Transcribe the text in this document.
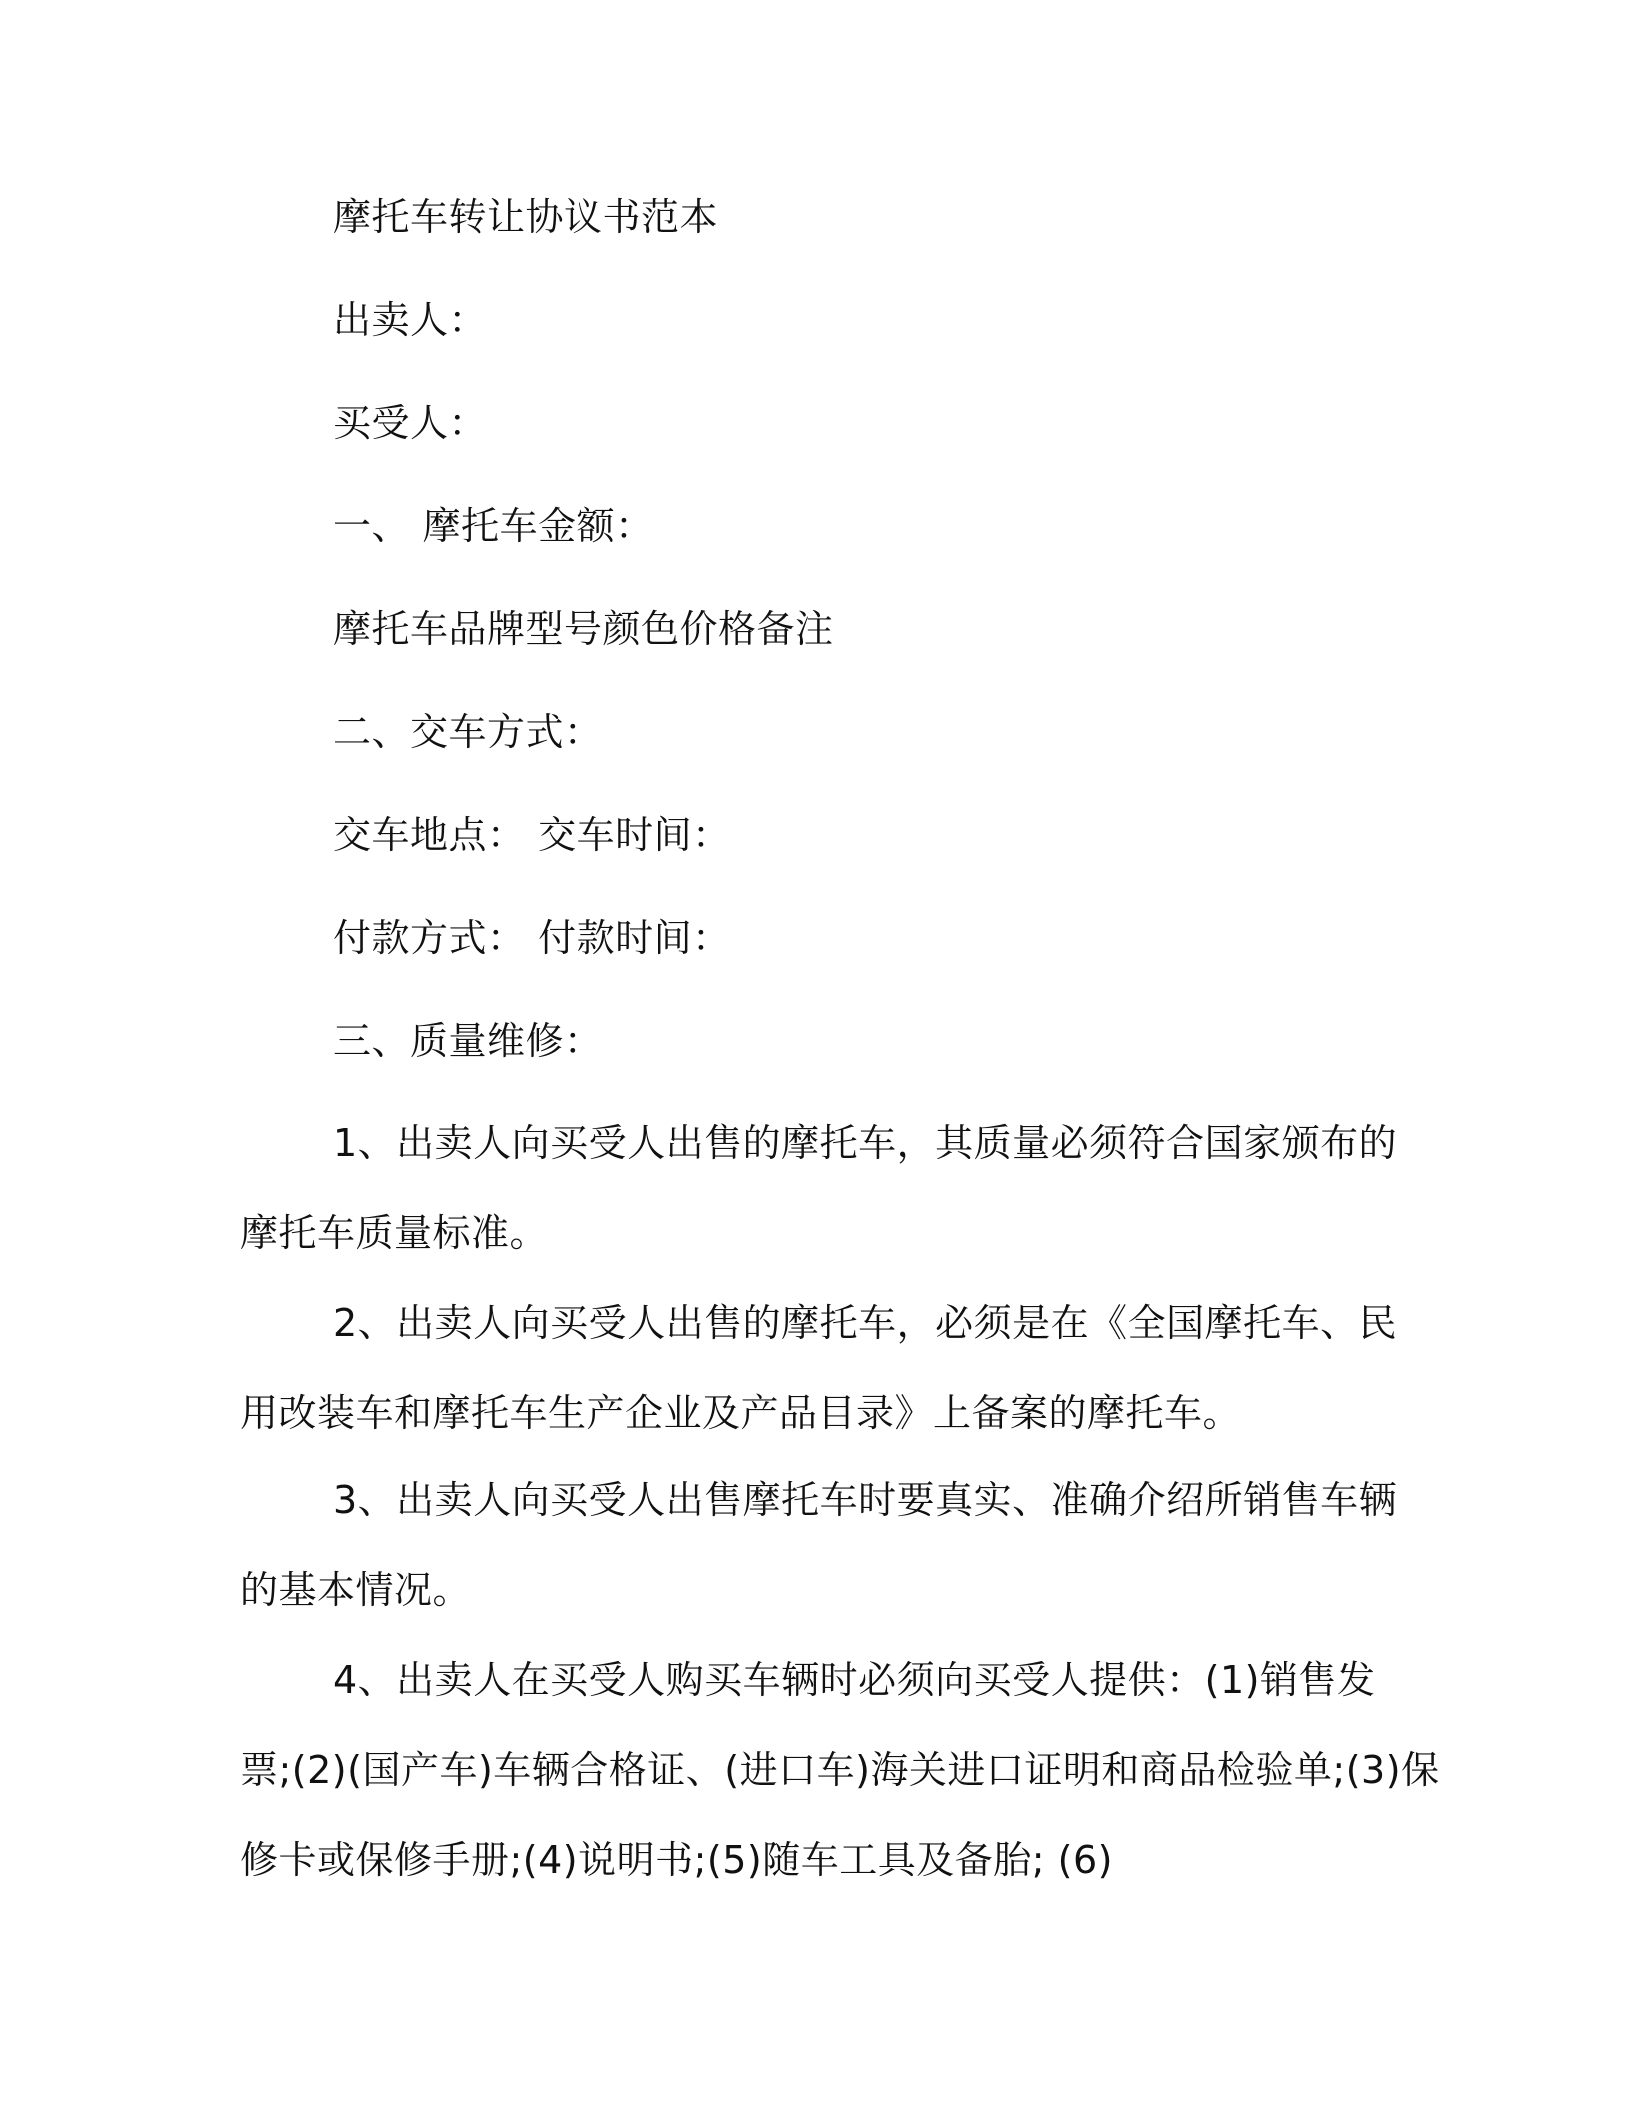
摩托车转让协议书范本
出卖人：
买受人：
一、 摩托车金额：
摩托车品牌型号颜色价格备注
二、交车方式：
交车地点： 交车时间：
付款方式： 付款时间：
三、质量维修：
1、出卖人向买受人出售的摩托车，其质量必须符合国家颁布的
摩托车质量标准。
2、出卖人向买受人出售的摩托车，必须是在《全国摩托车、民
用改装车和摩托车生产企业及产品目录》上备案的摩托车。
3、出卖人向买受人出售摩托车时要真实、准确介绍所销售车辆
的基本情况。
4、出卖人在买受人购买车辆时必须向买受人提供：(1)销售发
票;(2)(国产车)车辆合格证、(进口车)海关进口证明和商品检验单;(3)保
修卡或保修手册;(4)说明书;(5)随车工具及备胎; (6)
